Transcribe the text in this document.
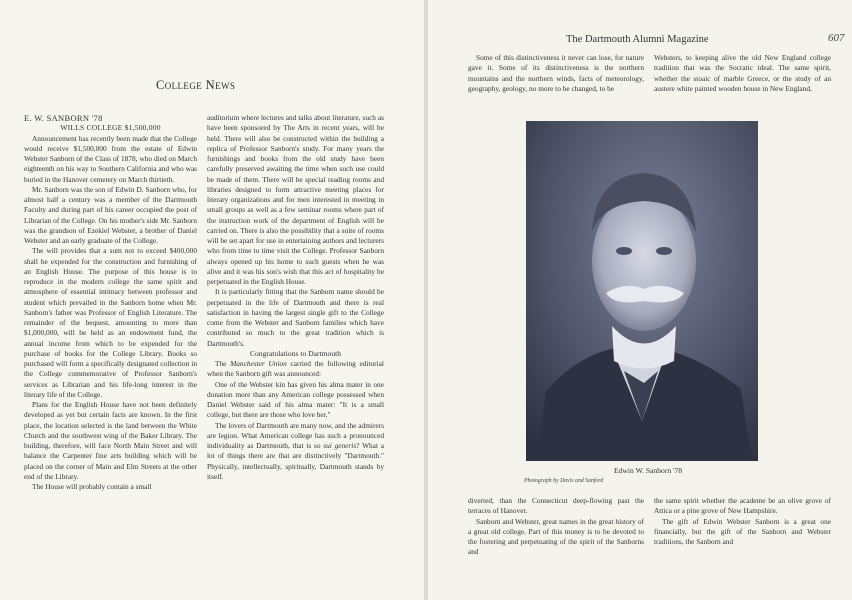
College News

E. W. SANBORN '78

WILLS COLLEGE $1,500,000

Announcement has recently been made that the College would receive $1,500,000 from the estate of Edwin Webster Sanborn of the Class of 1878, who died on March eighteenth on his way to Southern California and who was buried in the Hanover cemetery on March thirtieth.

Mr. Sanborn was the son of Edwin D. Sanborn who, for almost half a century was a member of the Dartmouth Faculty and during part of his career occupied the post of Librarian of the College. On his mother's side Mr. Sanborn was the grandson of Ezekiel Webster, a brother of Daniel Webster and an early graduate of the College.

The will provides that a sum not to exceed $400,000 shall be expended for the construction and furnishing of an English House. The purpose of this house is to reproduce in the modern college the same spirit and atmosphere of essential intimacy between professor and student which prevailed in the Sanborn home when Mr. Sanborn's father was Professor of English Literature. The remainder of the bequest, amounting to more than $1,000,000, will be held as an endowment fund, the annual income from which to be expended for the purchase of books for the College Library. Books so purchased will form a specifically designated collection in the College commemorative of Professor Sanborn's services as Librarian and his life-long interest in the literary life of the College.

Plans for the English House have not been definitely developed as yet but certain facts are known. In the first place, the location selected is the land between the White Church and the southwest wing of the Baker Library. The building, therefore, will face North Main Street and will balance the Carpenter fine arts building which will be placed on the corner of Main and Elm Streets at the other end of the Library.

The House will probably contain a small

auditorium where lectures and talks about literature, such as have been sponsored by The Arts in recent years, will be held. There will also be constructed within the building a replica of Professor Sanborn's study. For many years the furnishings and books from the old study have been carefully preserved awaiting the time when such use could be made of them. There will be special reading rooms and libraries designed to form attractive meeting places for literary organizations and for men interested in meeting in small groups as well as a few seminar rooms where part of the instruction work of the department of English will be carried on. There is also the possibility that a suite of rooms will be set apart for use in entertaining authors and lecturers who from time to time visit the College. Professor Sanborn always opened up his home to such guests when he was alive and it was his son's wish that this act of hospitality be perpetuated in the English House.

It is particularly fitting that the Sanborn name should be perpetuated in the life of Dartmouth and there is real satisfaction in having the largest single gift to the College come from the Webster and Sanborn families which have contributed so much to the great tradition which is Dartmouth's.

Congratulations to Dartmouth

The Manchester Union carried the following editorial when the Sanborn gift was announced:

One of the Webster kin has given his alma mater in one donation more than any American college possessed when Daniel Webster said of his alma mater: "It is a small college, but there are those who love her."

The lovers of Dartmouth are many now, and the admirers are legion. What American college has such a pronounced individuality as Dartmouth, that is so sui generis? What a lot of things there are that are distinctively "Dartmouth." Physically, intellectually, spiritually, Dartmouth stands by itself.

The Dartmouth Alumni Magazine	607

Some of this distinctiveness it never can lose, for nature gave it. Some of its distinctiveness is the northern mountains and the northern winds, facts of meteorology, geography, geology, no more to be changed, to be

Websters, to keeping alive the old New England college tradition that was the Socratic ideal. The same spirit, whether the stoaic of marble Greece, or the study of an austere white painted wooden house in New England,

Edwin W. Sanborn '78
Photograph by Davis and Sanford

diverted, than the Connecticut deep-flowing past the terraces of Hanover.

Sanborn and Webster, great names in the great history of a great old college. Part of this money is to be devoted to the fostering and perpetuating of the spirit of the Sanborns and

the same spirit whether the academe be an olive grove of Attica or a pine grove of New Hampshire.

The gift of Edwin Webster Sanborn is a great one financially, but the gift of the Sanborn and Webster traditions, the Sanborn and
